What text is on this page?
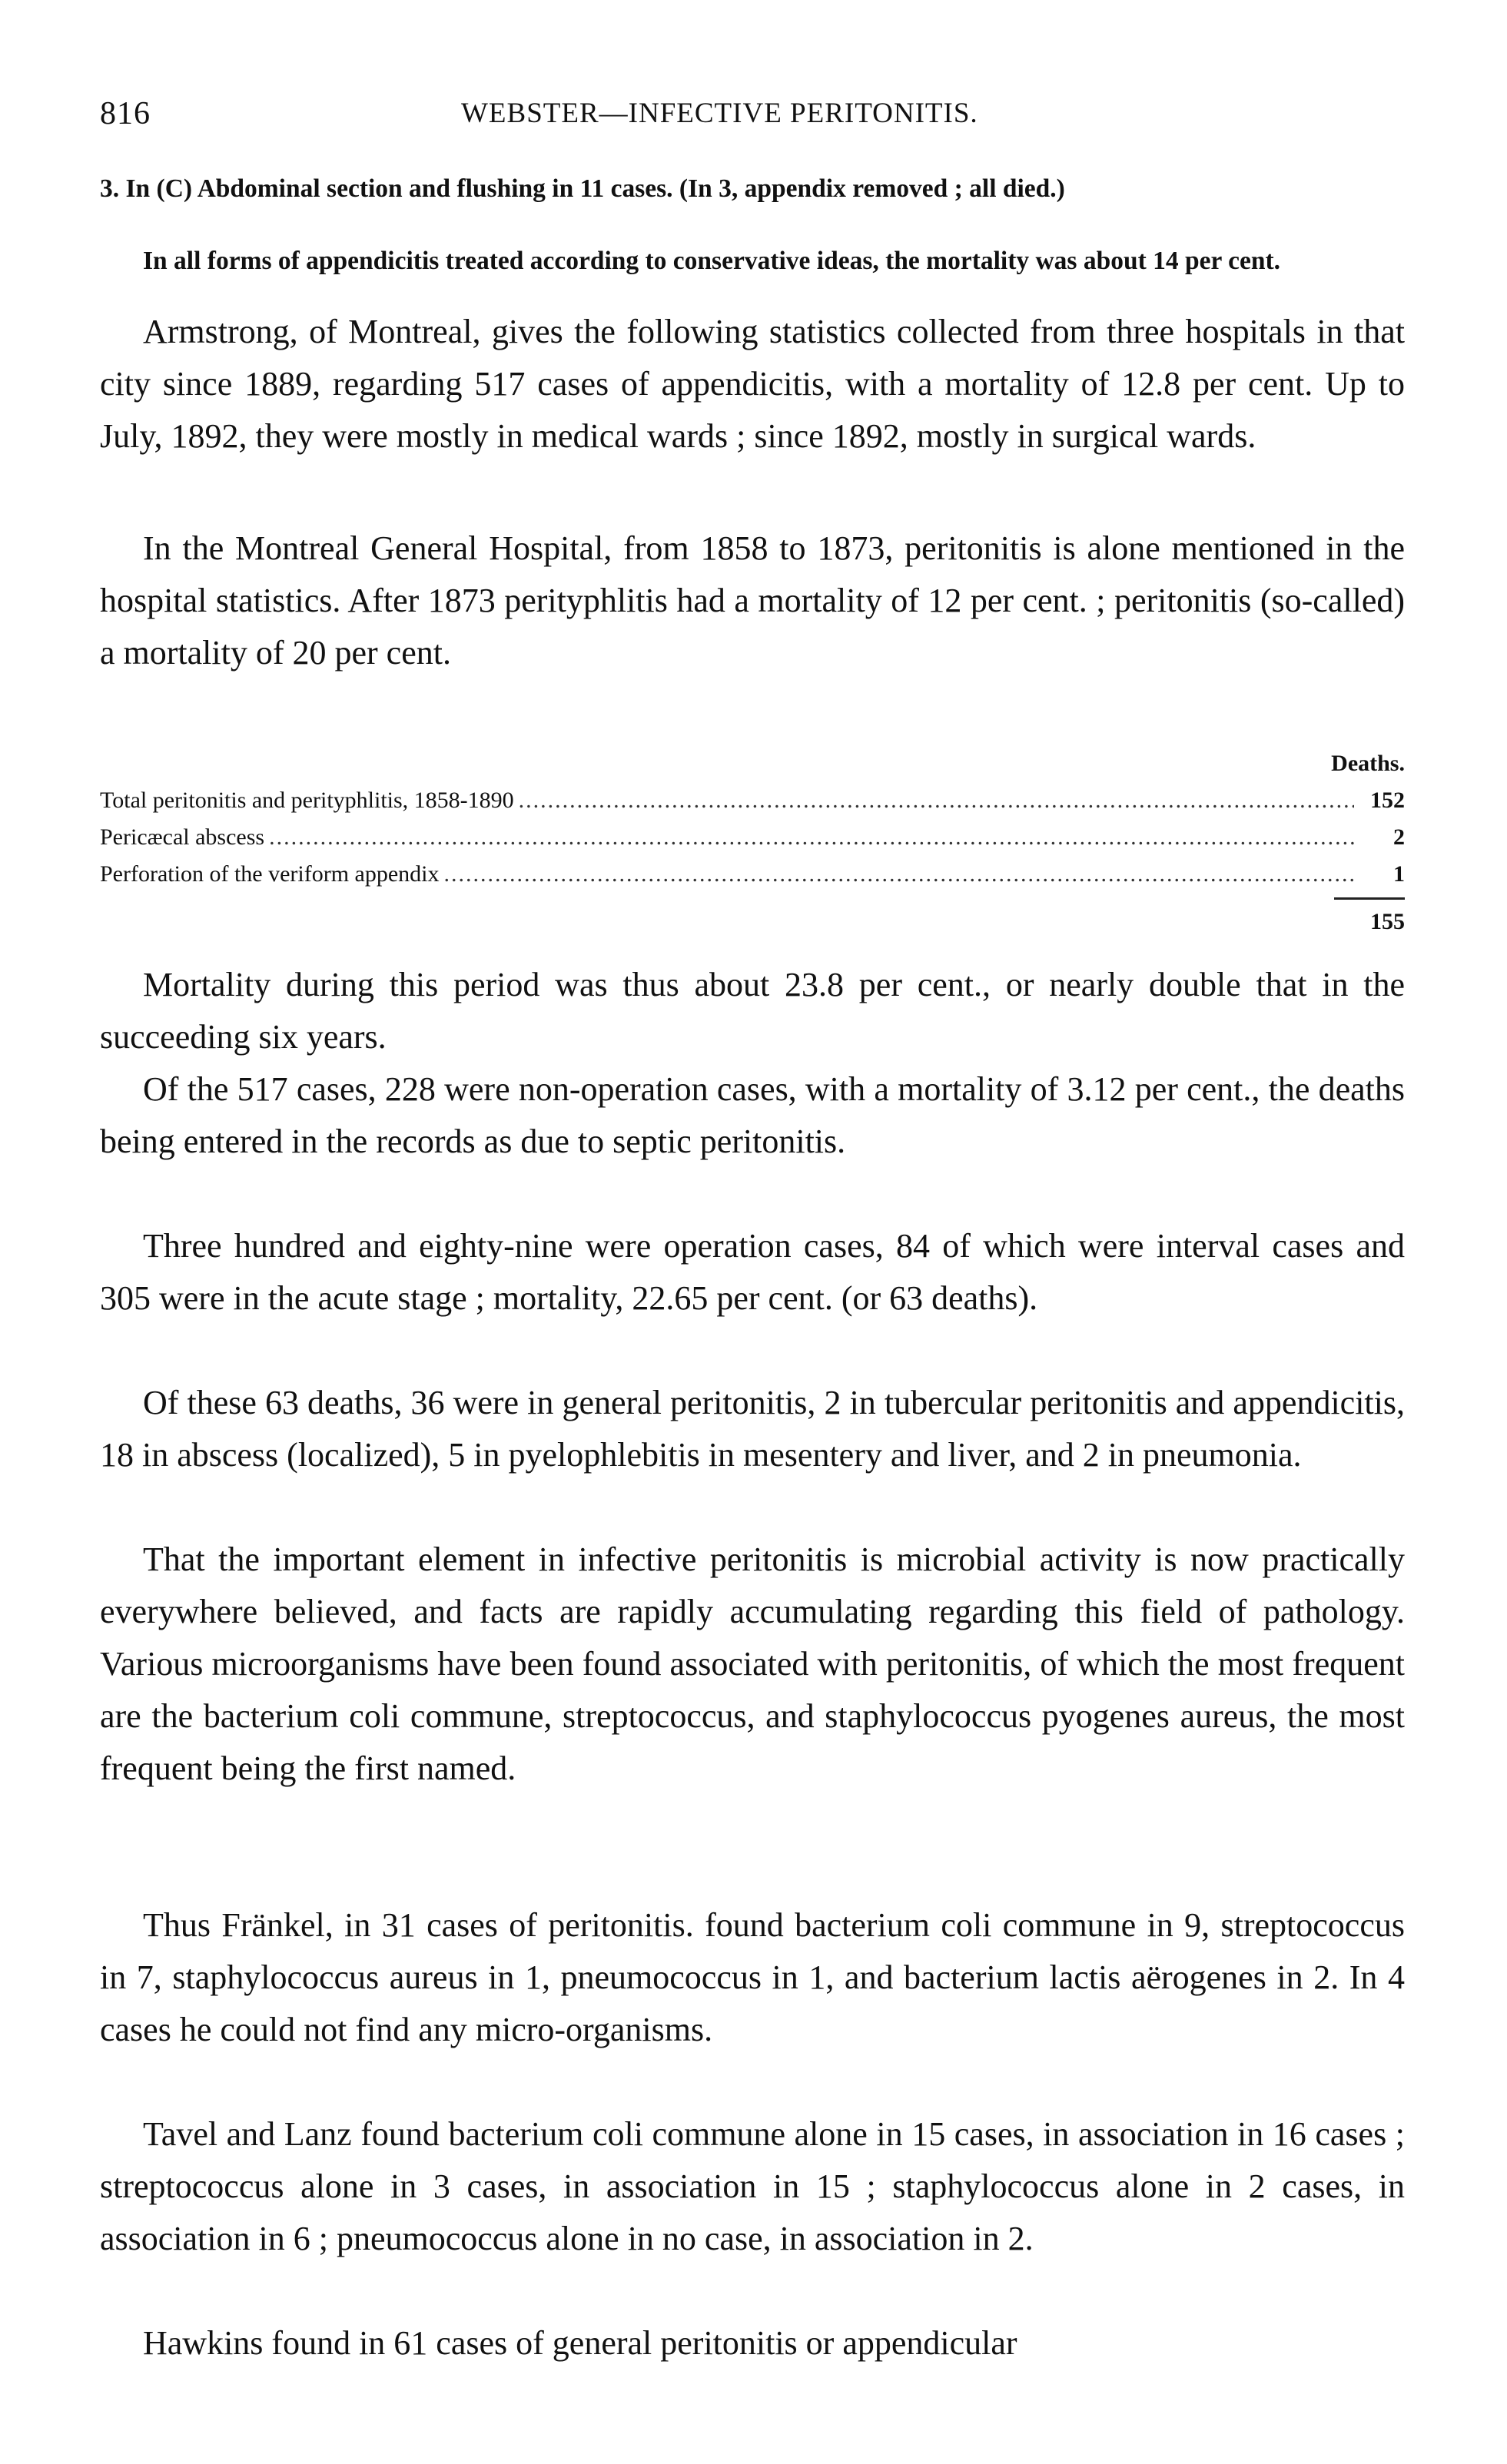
816	WEBSTER—INFECTIVE PERITONITIS.
3. In (C) Abdominal section and flushing in 11 cases. (In 3, appendix removed ; all died.)
In all forms of appendicitis treated according to conservative ideas, the mortality was about 14 per cent.

Armstrong, of Montreal, gives the following statistics collected from three hospitals in that city since 1889, regarding 517 cases of appendicitis, with a mortality of 12.8 per cent. Up to July, 1892, they were mostly in medical wards ; since 1892, mostly in surgical wards.

In the Montreal General Hospital, from 1858 to 1873, peritonitis is alone mentioned in the hospital statistics. After 1873 perityphlitis had a mortality of 12 per cent. ; peritonitis (so-called) a mortality of 20 per cent.

Deaths.
Total peritonitis and perityphlitis, 1858-1890 .....	152
Pericæcal abscess .....	2
Perforation of the veriform appendix .....	1
155

Mortality during this period was thus about 23.8 per cent., or nearly double that in the succeeding six years.

Of the 517 cases, 228 were non-operation cases, with a mortality of 3.12 per cent., the deaths being entered in the records as due to septic peritonitis.

Three hundred and eighty-nine were operation cases, 84 of which were interval cases and 305 were in the acute stage ; mortality, 22.65 per cent. (or 63 deaths).

Of these 63 deaths, 36 were in general peritonitis, 2 in tubercular peritonitis and appendicitis, 18 in abscess (localized), 5 in pyelophlebitis in mesentery and liver, and 2 in pneumonia.

That the important element in infective peritonitis is microbial activity is now practically everywhere believed, and facts are rapidly accumulating regarding this field of pathology. Various microorganisms have been found associated with peritonitis, of which the most frequent are the bacterium coli commune, streptococcus, and staphylococcus pyogenes aureus, the most frequent being the first named.

Thus Fränkel, in 31 cases of peritonitis. found bacterium coli commune in 9, streptococcus in 7, staphylococcus aureus in 1, pneumococcus in 1, and bacterium lactis aërogenes in 2. In 4 cases he could not find any micro-organisms.

Tavel and Lanz found bacterium coli commune alone in 15 cases, in association in 16 cases ; streptococcus alone in 3 cases, in association in 15 ; staphylococcus alone in 2 cases, in association in 6 ; pneumococcus alone in no case, in association in 2.

Hawkins found in 61 cases of general peritonitis or appendicular
